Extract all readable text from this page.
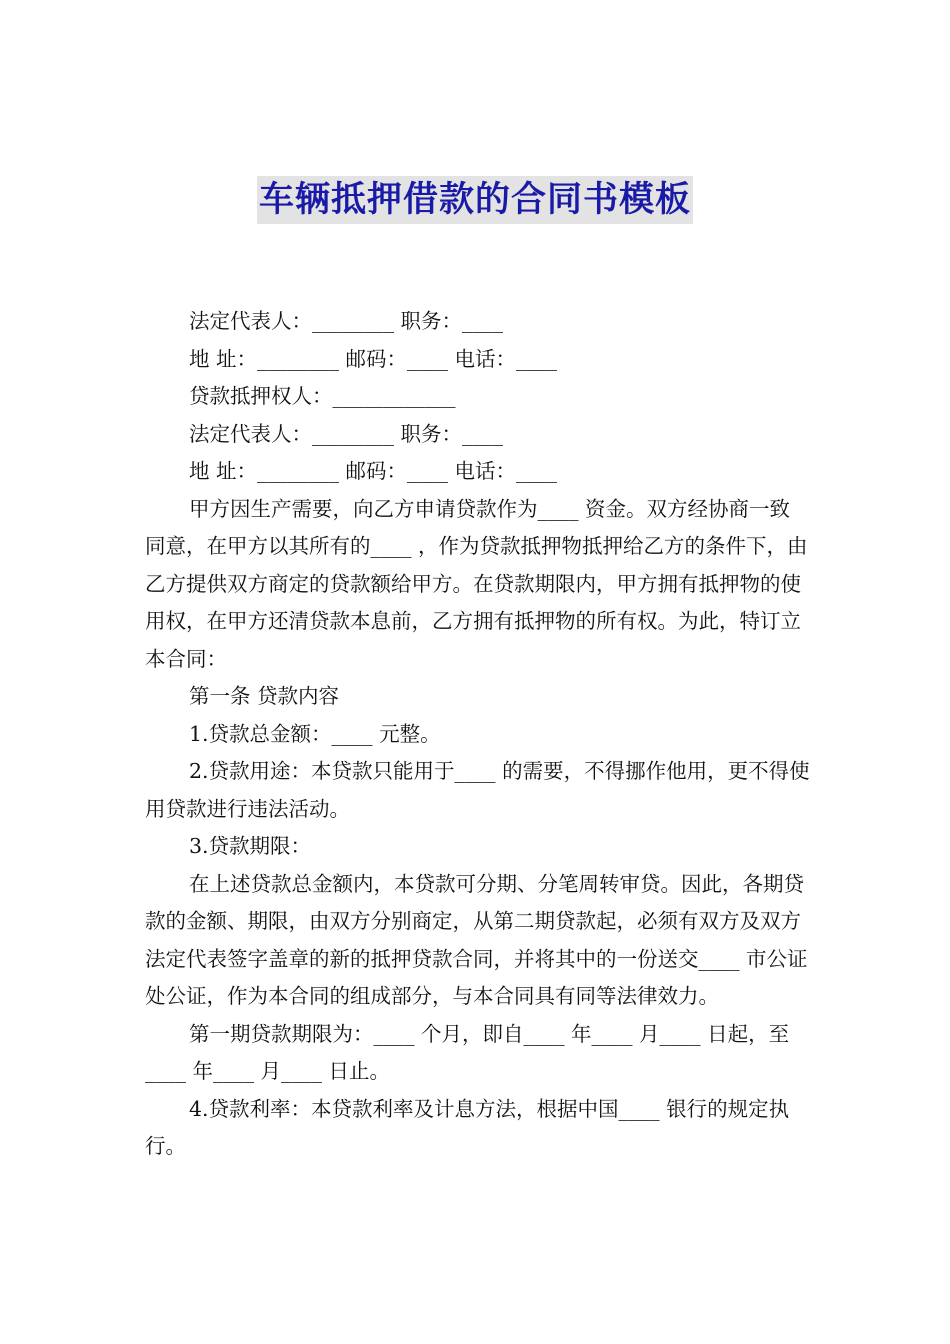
车辆抵押借款的合同书模板

法定代表人：________ 职务：____

地 址：________ 邮码：____ 电话：____

贷款抵押权人：____________

法定代表人：________ 职务：____

地 址：________ 邮码：____ 电话：____

甲方因生产需要，向乙方申请贷款作为____ 资金。双方经协商一致同意，在甲方以其所有的____ ，作为贷款抵押物抵押给乙方的条件下，由乙方提供双方商定的贷款额给甲方。在贷款期限内，甲方拥有抵押物的使用权，在甲方还清贷款本息前，乙方拥有抵押物的所有权。为此，特订立本合同：

第一条 贷款内容

1.贷款总金额：____ 元整。

2.贷款用途：本贷款只能用于____ 的需要，不得挪作他用，更不得使用贷款进行违法活动。

3.贷款期限：

在上述贷款总金额内，本贷款可分期、分笔周转审贷。因此，各期贷款的金额、期限，由双方分别商定，从第二期贷款起，必须有双方及双方法定代表签字盖章的新的抵押贷款合同，并将其中的一份送交____ 市公证处公证，作为本合同的组成部分，与本合同具有同等法律效力。

第一期贷款期限为：____ 个月，即自____ 年____ 月____ 日起，至____ 年____ 月____ 日止。

4.贷款利率：本贷款利率及计息方法，根据中国____ 银行的规定执行。
